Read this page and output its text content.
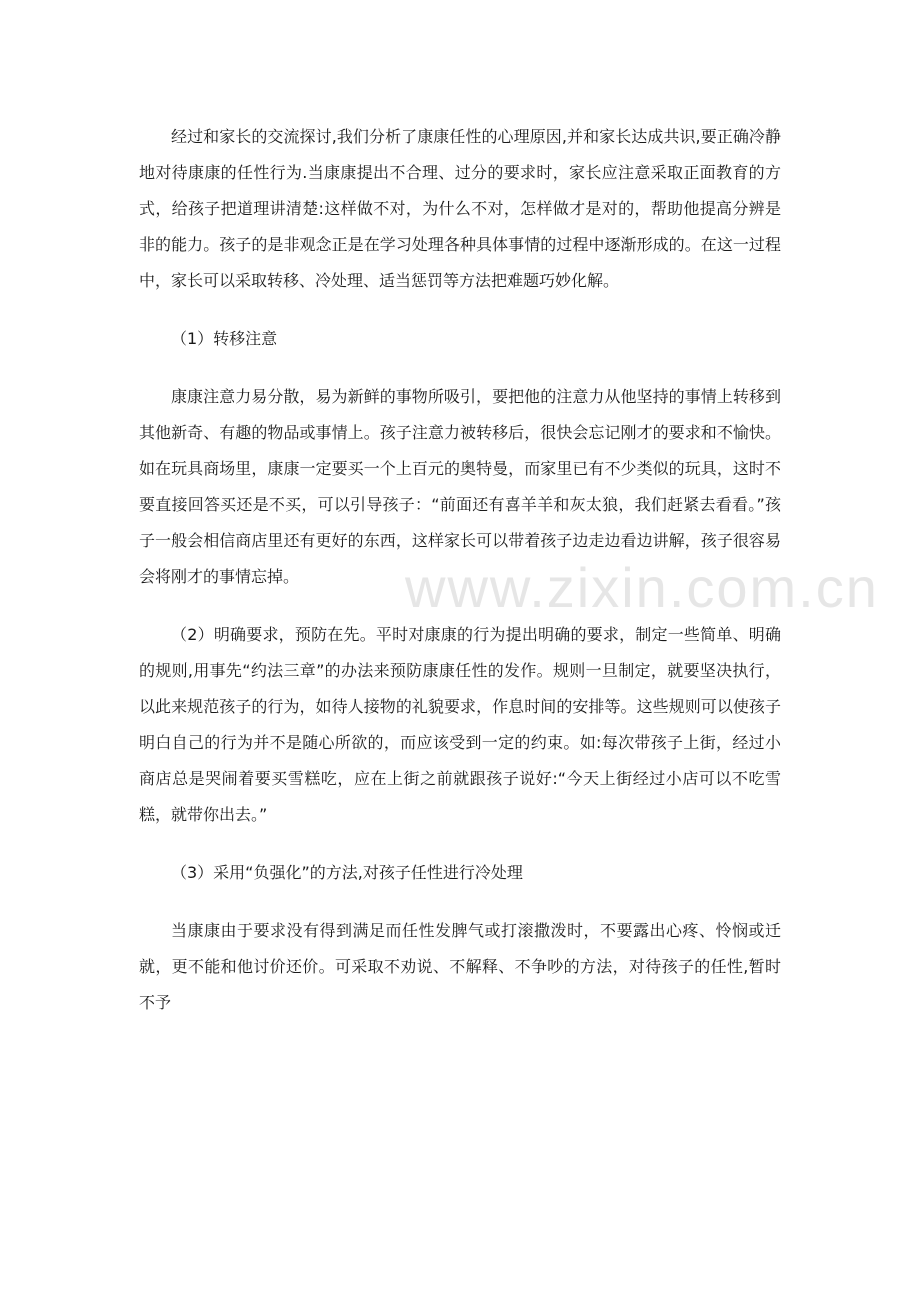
经过和家长的交流探讨,我们分析了康康任性的心理原因,并和家长达成共识,要正确冷静地对待康康的任性行为.当康康提出不合理、过分的要求时，家长应注意采取正面教育的方式，给孩子把道理讲清楚:这样做不对，为什么不对，怎样做才是对的，帮助他提高分辨是非的能力。孩子的是非观念正是在学习处理各种具体事情的过程中逐渐形成的。在这一过程中，家长可以采取转移、冷处理、适当惩罚等方法把难题巧妙化解。

（1）转移注意

康康注意力易分散，易为新鲜的事物所吸引，要把他的注意力从他坚持的事情上转移到其他新奇、有趣的物品或事情上。孩子注意力被转移后，很快会忘记刚才的要求和不愉快。如在玩具商场里，康康一定要买一个上百元的奥特曼，而家里已有不少类似的玩具，这时不要直接回答买还是不买，可以引导孩子：“前面还有喜羊羊和灰太狼，我们赶紧去看看。”孩子一般会相信商店里还有更好的东西，这样家长可以带着孩子边走边看边讲解，孩子很容易会将刚才的事情忘掉。

（2）明确要求，预防在先。平时对康康的行为提出明确的要求，制定一些简单、明确的规则,用事先“约法三章”的办法来预防康康任性的发作。规则一旦制定，就要坚决执行，以此来规范孩子的行为，如待人接物的礼貌要求，作息时间的安排等。这些规则可以使孩子明白自己的行为并不是随心所欲的，而应该受到一定的约束。如:每次带孩子上街，经过小商店总是哭闹着要买雪糕吃，应在上街之前就跟孩子说好:“今天上街经过小店可以不吃雪糕，就带你出去。”

（3）采用“负强化”的方法,对孩子任性进行冷处理

当康康由于要求没有得到满足而任性发脾气或打滚撒泼时，不要露出心疼、怜悯或迁就，更不能和他讨价还价。可采取不劝说、不解释、不争吵的方法，对待孩子的任性,暂时不予

www.zixin.com.cn
